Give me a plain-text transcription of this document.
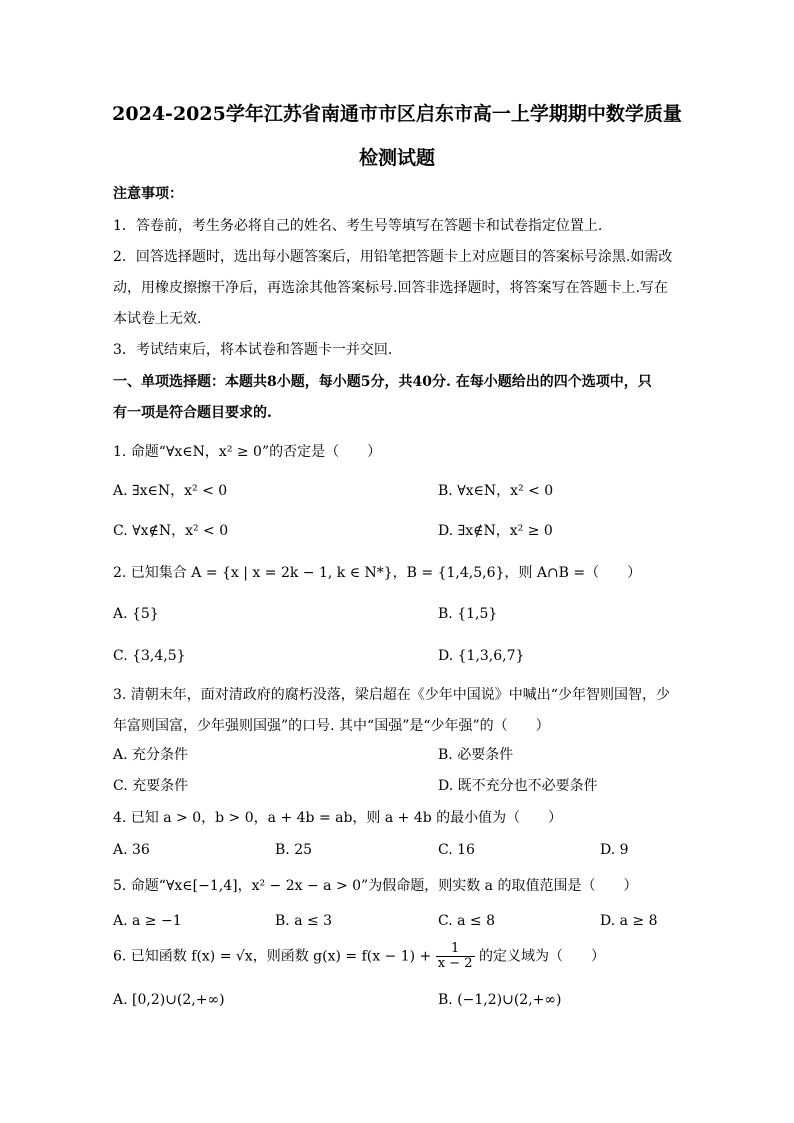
2024-2025学年江苏省南通市市区启东市高一上学期期中数学质量
检测试题
注意事项：
1．答卷前，考生务必将自己的姓名、考生号等填写在答题卡和试卷指定位置上.
2．回答选择题时，选出每小题答案后，用铅笔把答题卡上对应题目的答案标号涂黑.如需改
动，用橡皮擦擦干净后，再选涂其他答案标号.回答非选择题时，将答案写在答题卡上.写在
本试卷上无效.
3．考试结束后，将本试卷和答题卡一并交回.
一、单项选择题：本题共8小题，每小题5分，共40分. 在每小题给出的四个选项中，只
有一项是符合题目要求的.
1. 命题“∀x∈N，x² ≥ 0”的否定是（　　）
A. ∃x∈N，x² < 0	B. ∀x∈N，x² < 0
C. ∀x∉N，x² < 0	D. ∃x∉N，x² ≥ 0
2. 已知集合 A = {x | x = 2k − 1, k ∈ N*}，B = {1,4,5,6}，则 A∩B =（　　）
A. {5}	B. {1,5}
C. {3,4,5}	D. {1,3,6,7}
3. 清朝末年，面对清政府的腐朽没落，梁启超在《少年中国说》中喊出“少年智则国智，少
年富则国富，少年强则国强”的口号. 其中“国强”是“少年强”的（　　）
A. 充分条件	B. 必要条件
C. 充要条件	D. 既不充分也不必要条件
4. 已知 a > 0，b > 0，a + 4b = ab，则 a + 4b 的最小值为（　　）
A. 36	B. 25	C. 16	D. 9
5. 命题“∀x∈[−1,4]，x² − 2x − a > 0”为假命题，则实数 a 的取值范围是（　　）
A. a ≥ −1	B. a ≤ 3	C. a ≤ 8	D. a ≥ 8
6. 已知函数 f(x) = √x，则函数 $g(x) = f(x - 1) + \frac{1}{x - 2}$ 的定义域为（　　）
A. [0,2)∪(2,+∞)	B. (−1,2)∪(2,+∞)
